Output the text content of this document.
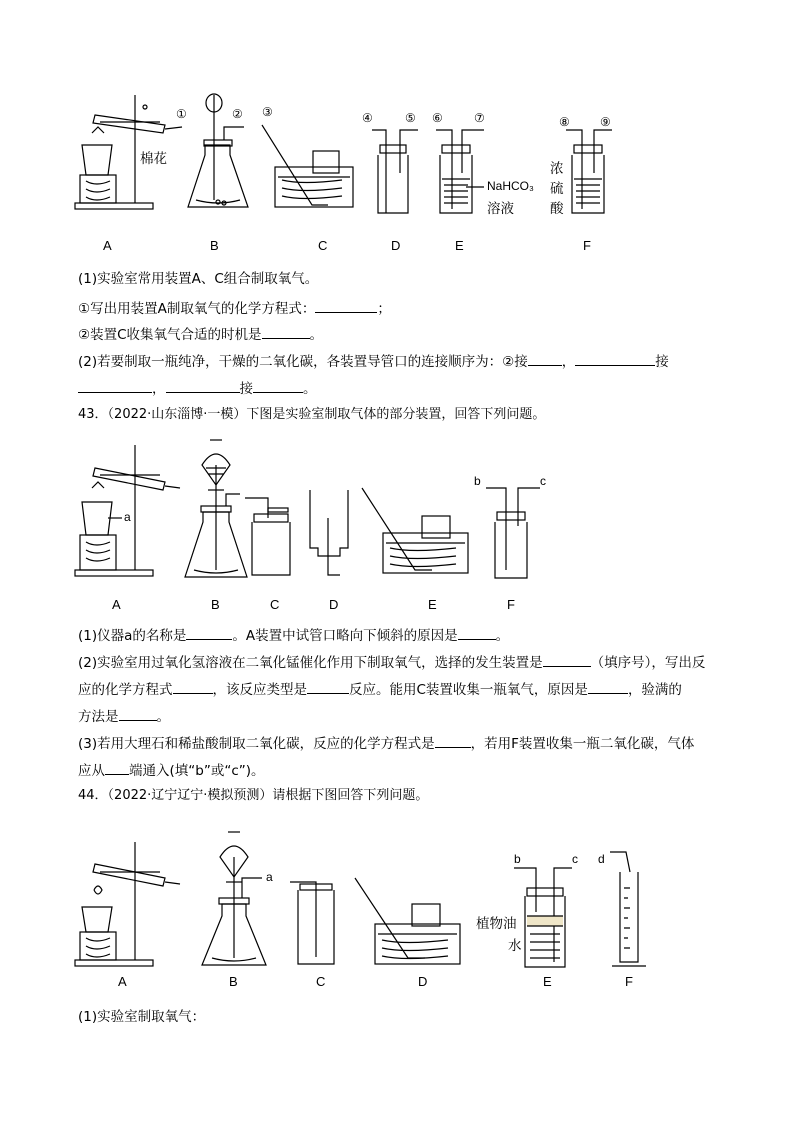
①	② ③	④	⑤ ⑥	⑦	⑧	⑨
棉花
NaHCO₃
溶液
浓
硫
酸
A	B	C	D	E	F
(1)实验室常用装置A、C组合制取氧气。
①写出用装置A制取氧气的化学方程式：	；
②装置C收集氧气合适的时机是	。
(2)若要制取一瓶纯净，干燥的二氧化碳，各装置导管口的连接顺序为：②接	，	接
，	接	。
43．（2022·山东淄博·一模）下图是实验室制取气体的部分装置，回答下列问题。
a
b	c
A	B	C	D	E	F
(1)仪器a的名称是	。A装置中试管口略向下倾斜的原因是	。
(2)实验室用过氧化氢溶液在二氧化锰催化作用下制取氧气，选择的发生装置是	（填序号），写出反
应的化学方程式	，该反应类型是	反应。能用C装置收集一瓶氧气，原因是	，验满的
方法是	。
(3)若用大理石和稀盐酸制取二氧化碳，反应的化学方程式是	，若用F装置收集一瓶二氧化碳，气体
应从 端通入(填“b”或“c”)。
44．（2022·辽宁辽宁·模拟预测）请根据下图回答下列问题。
a
b	c d
植物油
水
A	B	C	D	E	F
(1)实验室制取氧气：
